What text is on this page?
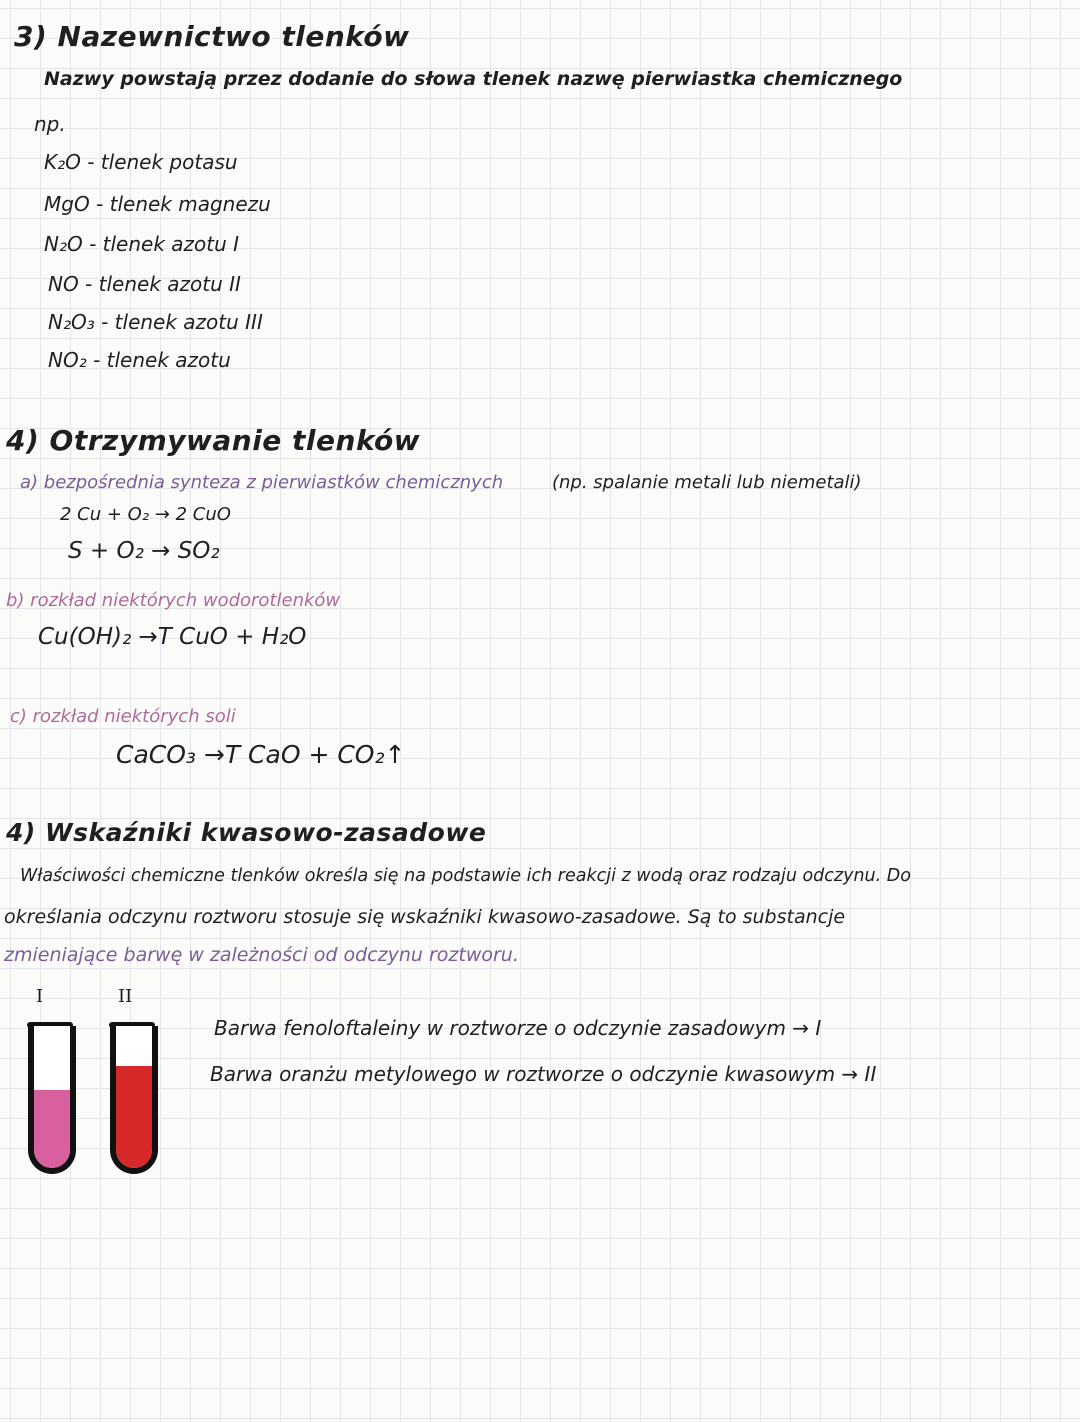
3) Nazewnictwo tlenków
Nazwy powstają przez dodanie do słowa tlenek nazwę pierwiastka chemicznego
np.
K₂O - tlenek potasu
MgO - tlenek magnezu
N₂O - tlenek azotu I
NO - tlenek azotu II
N₂O₃ - tlenek azotu III
NO₂ - tlenek azotu
4) Otrzymywanie tlenków
a) bezpośrednia synteza z pierwiastków chemicznych	(np. spalanie metali lub niemetali)
2 Cu + O₂ → 2 CuO
S + O₂ → SO₂
b) rozkład niektórych wodorotlenków
Cu(OH)₂ →T CuO + H₂O
c) rozkład niektórych soli
CaCO₃ →T CaO + CO₂↑
4) Wskaźniki kwasowo-zasadowe
Właściwości chemiczne tlenków określa się na podstawie ich reakcji z wodą oraz rodzaju odczynu. Do
określania odczynu roztworu stosuje się wskaźniki kwasowo-zasadowe. Są to substancje
zmieniające barwę w zależności od odczynu roztworu.
I	II
Barwa fenoloftaleiny w roztworze o odczynie zasadowym → I
Barwa oranżu metylowego w roztworze o odczynie kwasowym → II
